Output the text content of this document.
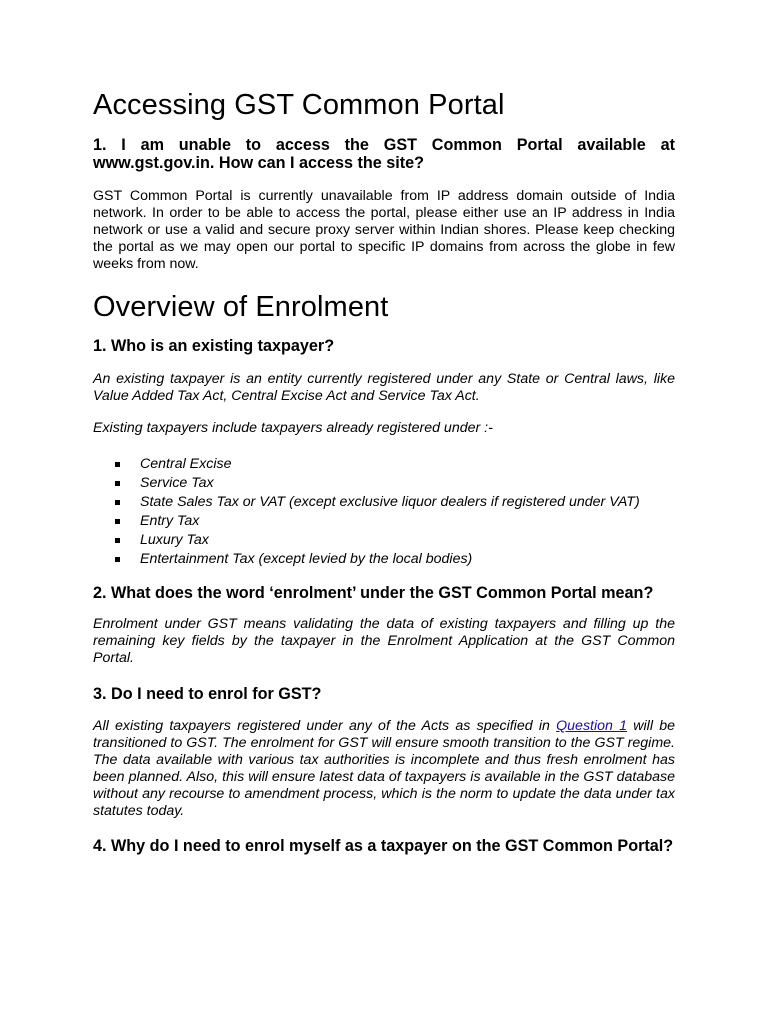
Accessing GST Common Portal
1. I am unable to access the GST Common Portal available at www.gst.gov.in. How can I access the site?

GST Common Portal is currently unavailable from IP address domain outside of India network. In order to be able to access the portal, please either use an IP address in India network or use a valid and secure proxy server within Indian shores. Please keep checking the portal as we may open our portal to specific IP domains from across the globe in few weeks from now.

Overview of Enrolment
1. Who is an existing taxpayer?

An existing taxpayer is an entity currently registered under any State or Central laws, like Value Added Tax Act, Central Excise Act and Service Tax Act.

Existing taxpayers include taxpayers already registered under :-

Central Excise
Service Tax
State Sales Tax or VAT (except exclusive liquor dealers if registered under VAT)
Entry Tax
Luxury Tax
Entertainment Tax (except levied by the local bodies)
2. What does the word ‘enrolment’ under the GST Common Portal mean?

Enrolment under GST means validating the data of existing taxpayers and filling up the remaining key fields by the taxpayer in the Enrolment Application at the GST Common Portal.

3. Do I need to enrol for GST?

All existing taxpayers registered under any of the Acts as specified in Question 1 will be transitioned to GST. The enrolment for GST will ensure smooth transition to the GST regime. The data available with various tax authorities is incomplete and thus fresh enrolment has been planned. Also, this will ensure latest data of taxpayers is available in the GST database without any recourse to amendment process, which is the norm to update the data under tax statutes today.

4. Why do I need to enrol myself as a taxpayer on the GST Common Portal?
